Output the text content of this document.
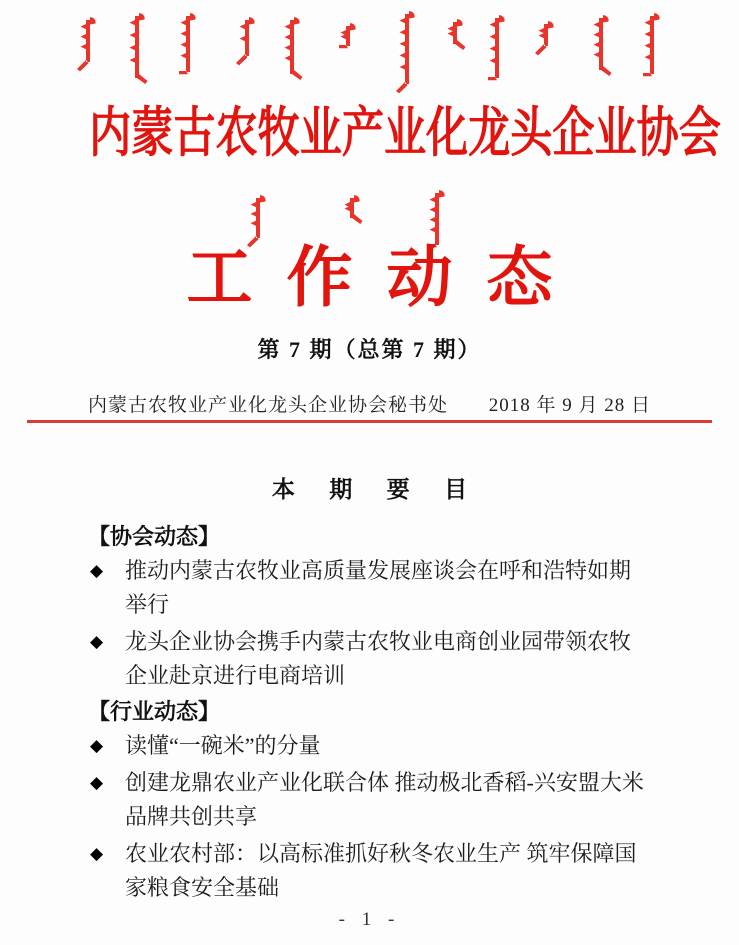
内蒙古农牧业产业化龙头企业协会
工作动态
第 7 期（总第 7 期）
内蒙古农牧业产业化龙头企业协会秘书处 2018 年 9 月 28 日
本 期 要 目
【协会动态】
◆ 推动内蒙古农牧业高质量发展座谈会在呼和浩特如期举行
◆ 龙头企业协会携手内蒙古农牧业电商创业园带领农牧企业赴京进行电商培训
【行业动态】
◆ 读懂“一碗米”的分量
◆ 创建龙鼎农业产业化联合体 推动极北香稻-兴安盟大米品牌共创共享
◆ 农业农村部：以高标准抓好秋冬农业生产 筑牢保障国家粮食安全基础
- 1 -
